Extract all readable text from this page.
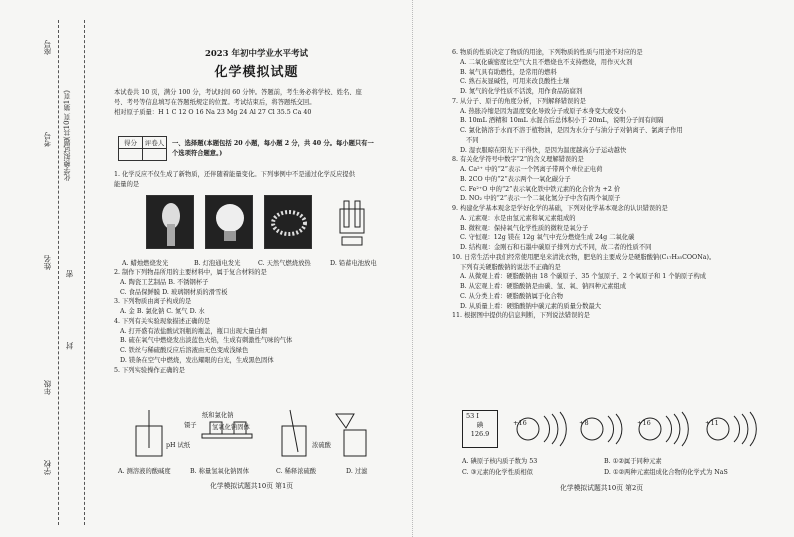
考号
姓名
年级
学校
座号
化学模拟试题(共10页 第1页)
密
封
2023 年初中学业水平考试
化学模拟试题

本试卷共 10 页，满分 100 分，考试时间 60 分钟。答题前，考生务必将学校、姓名、座

号、考号等信息填写在答题纸规定的位置。考试结束后，将答题纸交回。

相对原子质量：H 1 C 12 O 16 Na 23 Mg 24 Al 27 Cl 35.5 Ca 40

得分	评卷人
	一、选择题(本题包括 20 小题，每小题 2 分，共 40 分。每小题只有一

个选项符合题意。)

1. 化学反应不仅生成了新物质，还伴随着能量变化。下列事例中不是通过化学反应提供

能量的是

A. 蜡烛燃烧发光	B. 灯泡通电发光	C. 天然气燃烧放热	D. 铅蓄电池放电

2. 制作下列物品所用的主要材料中，属于复合材料的是

A. 陶瓷工艺制品 B. 不锈钢杯子

C. 食品保鲜膜 D. 玻璃钢材质的滑雪板

3. 下列物质由离子构成的是

A. 金 B. 氯化钠 C. 氮气 D. 水

4. 下列有关实验现象描述正确的是

A. 打开盛有浓盐酸试剂瓶的瓶盖，瓶口出现大量白烟

B. 硫在氧气中燃烧发出淡蓝色火焰，生成有刺激性气味的气体

C. 铁丝与稀硫酸反应后溶液由无色变成浅绿色

D. 镁条在空气中燃烧，发出耀眼的白光，生成黑色固体

5. 下列实验操作正确的是

纸和氯化钠
镊子
pH 试纸	浓硫酸
氢氧化钠固体
A. 测溶液的酸碱度	B. 称量氢氧化钠固体	C. 稀释浓硫酸	D. 过滤
化学模拟试题共10页 第1页

6. 物质的性质决定了物质的用途，下列物质的性质与用途不对应的是

A. 二氧化碳密度比空气大且不燃烧也不支持燃烧，用作灭火剂

B. 氧气具有助燃性，是常用的燃料

C. 熟石灰显碱性，可用来改良酸性土壤

D. 氮气的化学性质不活泼，用作食品防腐剂

7. 从分子、原子的角度分析，下列解释错误的是

A. 热胀冷缩是因为温度变化导致分子或原子本身变大或变小

B. 10mL 酒精和 10mL 水混合后总体积小于 20mL，说明分子间有间隔

C. 氯化钠溶于水而不溶于植物油，是因为水分子与油分子对钠离子、氯离子作用

不同

D. 湿衣服晾在阳光下干得快，是因为温度越高分子运动越快

8. 有关化学符号中数字“2”的含义理解错误的是

A. Ca²⁺ 中的“2”表示一个钙离子带两个单位正电荷

B. 2CO 中的“2”表示两个一氧化碳分子

C. Fe²⁺O 中的“2”表示氧化铁中铁元素的化合价为 +2 价

D. NO₂ 中的“2”表示一个二氧化氮分子中含有两个氧原子

9. 构建化学基本观念是学好化学的基础，下列对化学基本观念的认识错误的是

A. 元素观：水是由氢元素和氧元素组成的

B. 微粒观：保持氧气化学性质的微粒是氧分子

C. 守恒观：12g 镁在 12g 氧气中充分燃烧生成 24g 二氧化碳

D. 结构观：金刚石和石墨中碳原子排列方式不同，故二者的性质不同

10. 日常生活中我们经常使用肥皂来清洗衣物，肥皂的主要成分是硬脂酸钠(C₁₇H₃₅COONa)。

下列有关硬脂酸钠的说法不正确的是

A. 从微观上看：硬脂酸钠由 18 个碳原子、35 个氢原子、2 个氧原子和 1 个钠原子构成

B. 从宏观上看：硬脂酸钠是由碳、氢、氧、钠四种元素组成

C. 从分类上看：硬脂酸钠属于化合物

D. 从质量上看：硬脂酸钠中碳元素的质量分数最大

11. 根据图中提供的信息判断，下列说法错误的是

53 I
碘
126.9
+16	+8	+16	+11
A. 碘原子核内质子数为 53	B. ①②属于同种元素
C. ③元素的化学性质相似	D. ①②两种元素组成化合物的化学式为 NaS
化学模拟试题共10页 第2页
